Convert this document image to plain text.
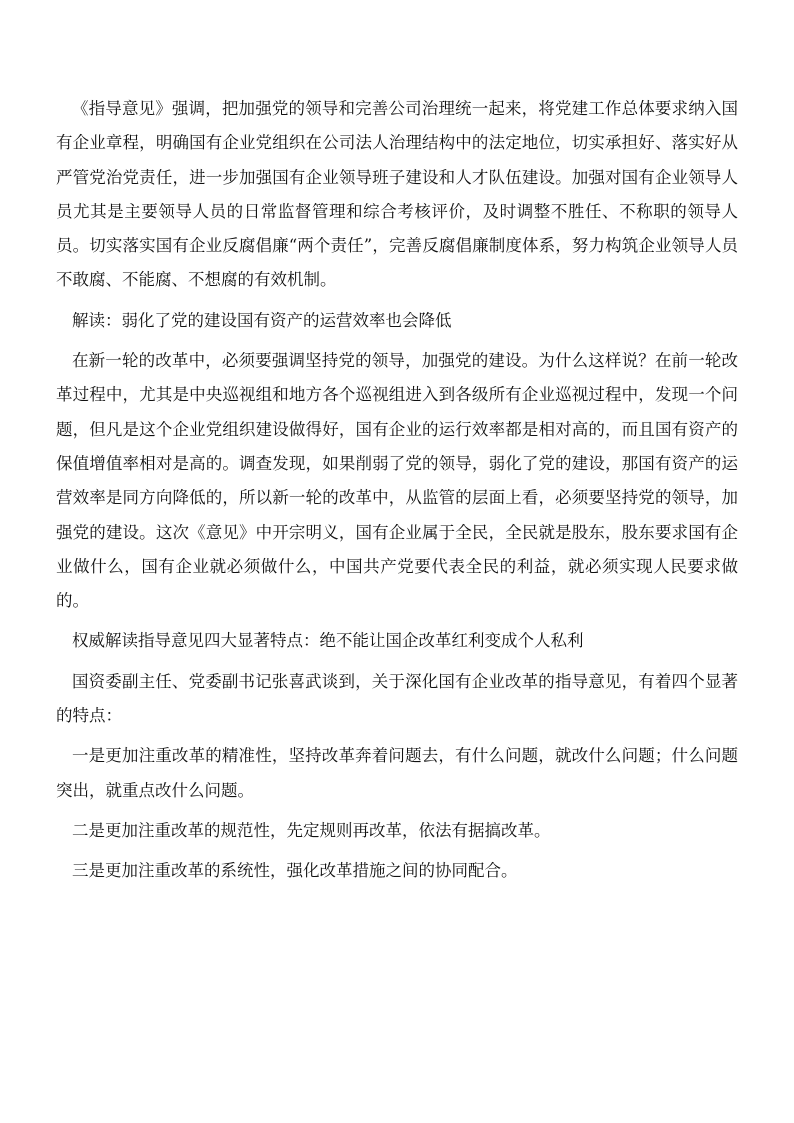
《指导意见》强调，把加强党的领导和完善公司治理统一起来，将党建工作总体要求纳入国有企业章程，明确国有企业党组织在公司法人治理结构中的法定地位，切实承担好、落实好从严管党治党责任，进一步加强国有企业领导班子建设和人才队伍建设。加强对国有企业领导人员尤其是主要领导人员的日常监督管理和综合考核评价，及时调整不胜任、不称职的领导人员。切实落实国有企业反腐倡廉“两个责任”，完善反腐倡廉制度体系，努力构筑企业领导人员不敢腐、不能腐、不想腐的有效机制。

解读：弱化了党的建设国有资产的运营效率也会降低

在新一轮的改革中，必须要强调坚持党的领导，加强党的建设。为什么这样说？在前一轮改革过程中，尤其是中央巡视组和地方各个巡视组进入到各级所有企业巡视过程中，发现一个问题，但凡是这个企业党组织建设做得好，国有企业的运行效率都是相对高的，而且国有资产的保值增值率相对是高的。调查发现，如果削弱了党的领导，弱化了党的建设，那国有资产的运营效率是同方向降低的，所以新一轮的改革中，从监管的层面上看，必须要坚持党的领导，加强党的建设。这次《意见》中开宗明义，国有企业属于全民，全民就是股东，股东要求国有企业做什么，国有企业就必须做什么，中国共产党要代表全民的利益，就必须实现人民要求做的。

权威解读指导意见四大显著特点：绝不能让国企改革红利变成个人私利

国资委副主任、党委副书记张喜武谈到，关于深化国有企业改革的指导意见，有着四个显著的特点：

一是更加注重改革的精准性，坚持改革奔着问题去，有什么问题，就改什么问题；什么问题突出，就重点改什么问题。

二是更加注重改革的规范性，先定规则再改革，依法有据搞改革。

三是更加注重改革的系统性，强化改革措施之间的协同配合。
